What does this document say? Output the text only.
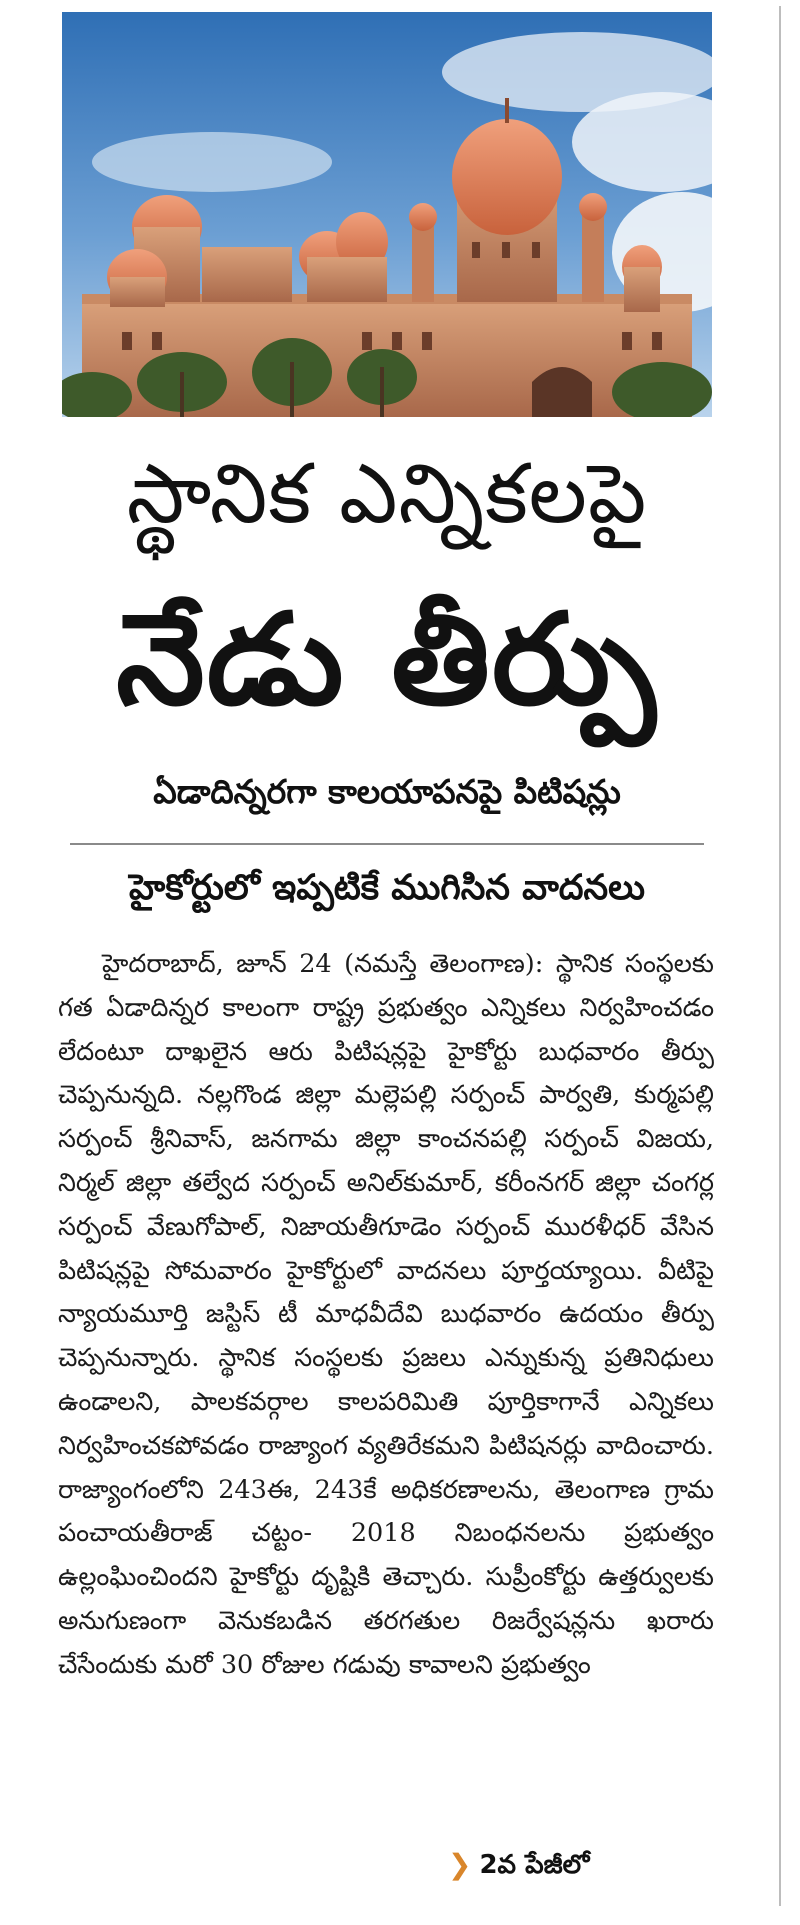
స్థానిక ఎన్నికలపై
నేడు తీర్పు
ఏడాదిన్నరగా కాలయాపనపై పిటిషన్లు
హైకోర్టులో ఇప్పటికే ముగిసిన వాదనలు

హైదరాబాద్, జూన్ 24 (నమస్తే తెలంగాణ): స్థానిక సంస్థలకు గత ఏడాదిన్నర కాలంగా రాష్ట్ర ప్రభుత్వం ఎన్నికలు నిర్వహించడం లేదంటూ దాఖలైన ఆరు పిటిషన్లపై హైకోర్టు బుధవారం తీర్పు చెప్పనున్నది. నల్లగొండ జిల్లా మల్లెపల్లి సర్పంచ్ పార్వతి, కుర్మపల్లి సర్పంచ్ శ్రీనివాస్, జనగామ జిల్లా కాంచనపల్లి సర్పంచ్ విజయ, నిర్మల్ జిల్లా తల్వేద సర్పంచ్ అనిల్‌కుమార్, కరీంనగర్ జిల్లా చంగర్ల సర్పంచ్ వేణుగోపాల్, నిజాయతీగూడెం సర్పంచ్ మురళీధర్ వేసిన పిటిషన్లపై సోమవారం హైకోర్టులో వాదనలు పూర్తయ్యాయి. వీటిపై న్యాయమూర్తి జస్టిస్ టీ మాధవీదేవి బుధవారం ఉదయం తీర్పు చెప్పనున్నారు. స్థానిక సంస్థలకు ప్రజలు ఎన్నుకున్న ప్రతినిధులు ఉండాలని, పాలకవర్గాల కాలపరిమితి పూర్తికాగానే ఎన్నికలు నిర్వహించకపోవడం రాజ్యాంగ వ్యతిరేకమని పిటిషనర్లు వాదించారు. రాజ్యాంగంలోని 243ఈ, 243కే అధికరణాలను, తెలంగాణ గ్రామ పంచాయతీరాజ్ చట్టం- 2018 నిబంధనలను ప్రభుత్వం ఉల్లంఘించిందని హైకోర్టు దృష్టికి తెచ్చారు. సుప్రీంకోర్టు ఉత్తర్వులకు అనుగుణంగా వెనుకబడిన తరగతుల రిజర్వేషన్లను ఖరారు చేసేందుకు మరో 30 రోజుల గడువు కావాలని ప్రభుత్వం

❯ 2వ పేజీలో
